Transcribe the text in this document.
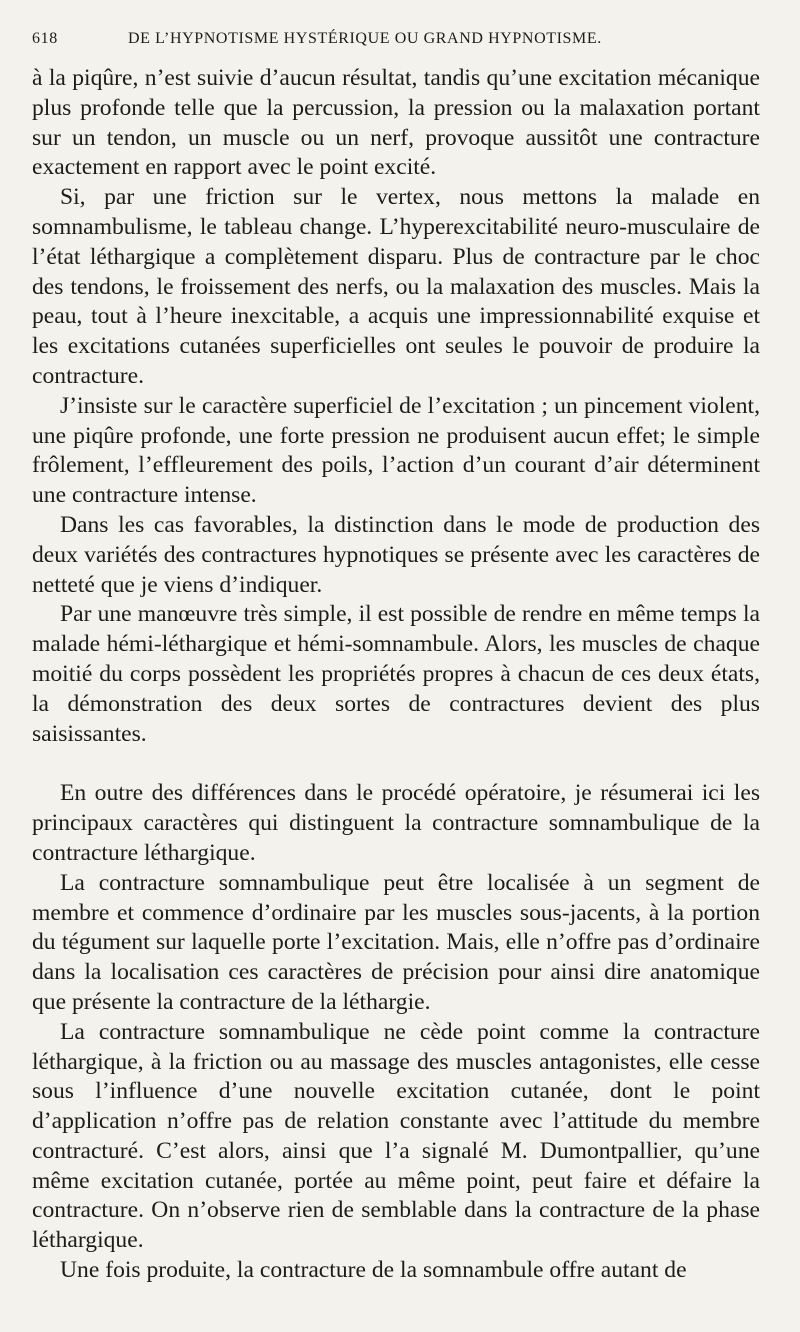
618	DE L’HYPNOTISME HYSTÉRIQUE OU GRAND HYPNOTISME.

à la piqûre, n’est suivie d’aucun résultat, tandis qu’une excitation mécanique plus profonde telle que la percussion, la pression ou la malaxation portant sur un tendon, un muscle ou un nerf, provoque aussitôt une contracture exactement en rapport avec le point excité.

Si, par une friction sur le vertex, nous mettons la malade en somnambulisme, le tableau change. L’hyperexcitabilité neuro-musculaire de l’état léthargique a complètement disparu. Plus de contracture par le choc des tendons, le froissement des nerfs, ou la malaxation des muscles. Mais la peau, tout à l’heure inexcitable, a acquis une impressionnabilité exquise et les excitations cutanées superficielles ont seules le pouvoir de produire la contracture.

J’insiste sur le caractère superficiel de l’excitation ; un pincement violent, une piqûre profonde, une forte pression ne produisent aucun effet; le simple frôlement, l’effleurement des poils, l’action d’un courant d’air déterminent une contracture intense.

Dans les cas favorables, la distinction dans le mode de production des deux variétés des contractures hypnotiques se présente avec les caractères de netteté que je viens d’indiquer.

Par une manœuvre très simple, il est possible de rendre en même temps la malade hémi-léthargique et hémi-somnambule. Alors, les muscles de chaque moitié du corps possèdent les propriétés propres à chacun de ces deux états, la démonstration des deux sortes de contractures devient des plus saisissantes.

En outre des différences dans le procédé opératoire, je résumerai ici les principaux caractères qui distinguent la contracture somnambulique de la contracture léthargique.

La contracture somnambulique peut être localisée à un segment de membre et commence d’ordinaire par les muscles sous-jacents, à la portion du tégument sur laquelle porte l’excitation. Mais, elle n’offre pas d’ordinaire dans la localisation ces caractères de précision pour ainsi dire anatomique que présente la contracture de la léthargie.

La contracture somnambulique ne cède point comme la contracture léthargique, à la friction ou au massage des muscles antagonistes, elle cesse sous l’influence d’une nouvelle excitation cutanée, dont le point d’application n’offre pas de relation constante avec l’attitude du membre contracturé. C’est alors, ainsi que l’a signalé M. Dumontpallier, qu’une même excitation cutanée, portée au même point, peut faire et défaire la contracture. On n’observe rien de semblable dans la contracture de la phase léthargique.

Une fois produite, la contracture de la somnambule offre autant de
